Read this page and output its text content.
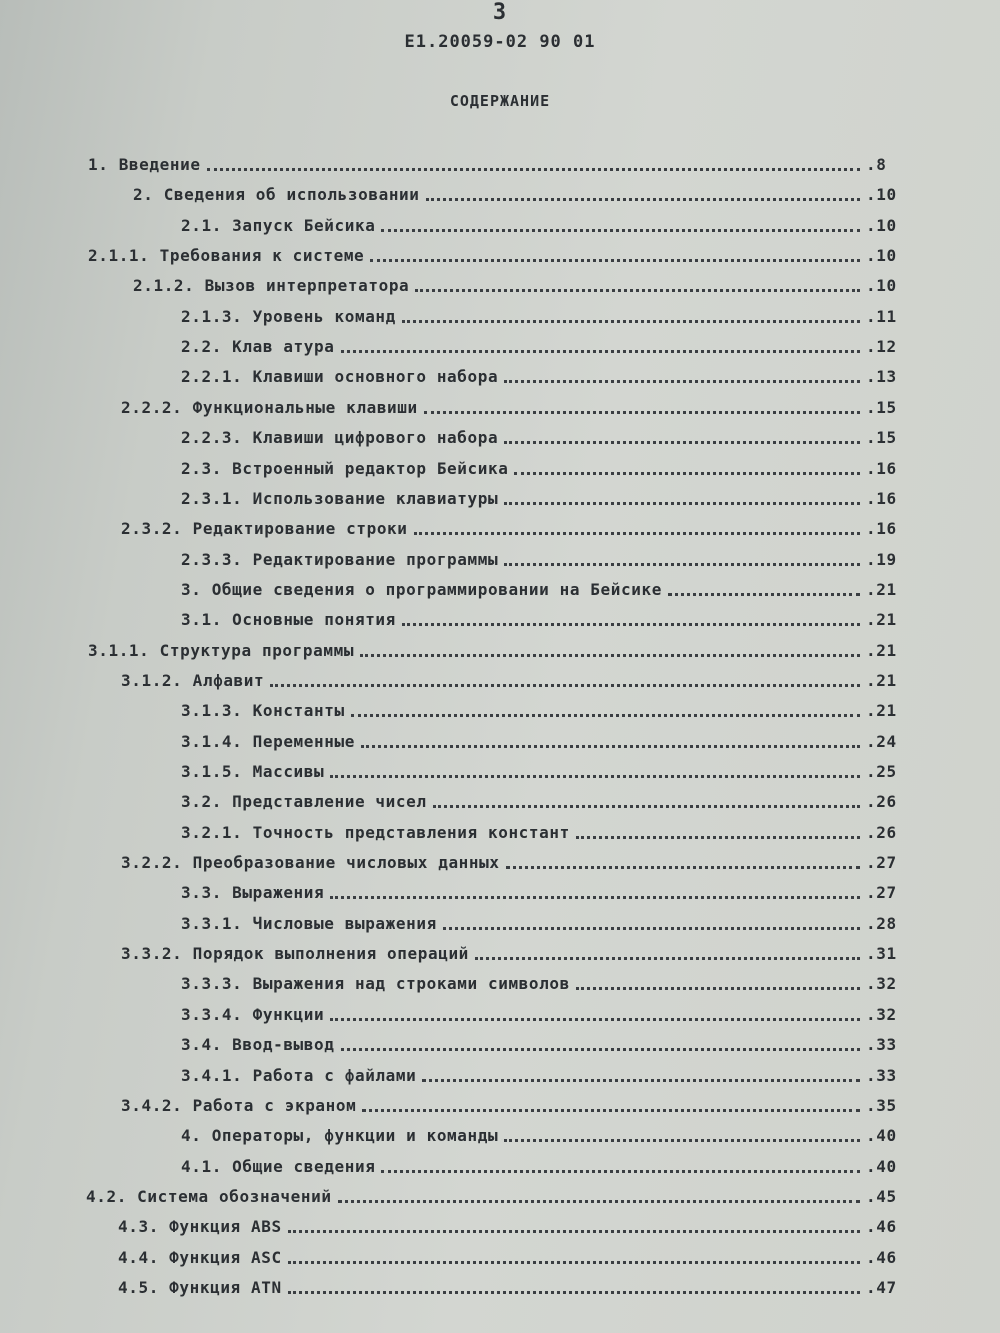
3
Е1.20059-02 90 01
СОДЕРЖАНИЕ
1. Введение	.8
2. Сведения об использовании	.10
2.1. Запуск Бейсика	.10
2.1.1. Требования к системе	.10
2.1.2. Вызов интерпретатора	.10
2.1.3. Уровень команд	.11
2.2. Клав атура	.12
2.2.1. Клавиши основного набора	.13
2.2.2. Функциональные клавиши	.15
2.2.3. Клавиши цифрового набора	.15
2.3. Встроенный редактор Бейсика	.16
2.3.1. Использование клавиатуры	.16
2.3.2. Редактирование строки	.16
2.3.3. Редактирование программы	.19
3. Общие сведения о программировании на Бейсике	.21
3.1. Основные понятия	.21
3.1.1. Структура программы	.21
3.1.2. Алфавит	.21
3.1.3. Константы	.21
3.1.4. Переменные	.24
3.1.5. Массивы	.25
3.2. Представление чисел	.26
3.2.1. Точность представления констант	.26
3.2.2. Преобразование числовых данных	.27
3.3. Выражения	.27
3.3.1. Числовые выражения	.28
3.3.2. Порядок выполнения операций	.31
3.3.3. Выражения над строками символов	.32
3.3.4. Функции	.32
3.4. Ввод-вывод	.33
3.4.1. Работа с файлами	.33
3.4.2. Работа с экраном	.35
4. Операторы, функции и команды	.40
4.1. Общие сведения	.40
4.2. Система обозначений	.45
4.3. Функция ABS	.46
4.4. Функция ASC	.46
4.5. Функция ATN	.47
